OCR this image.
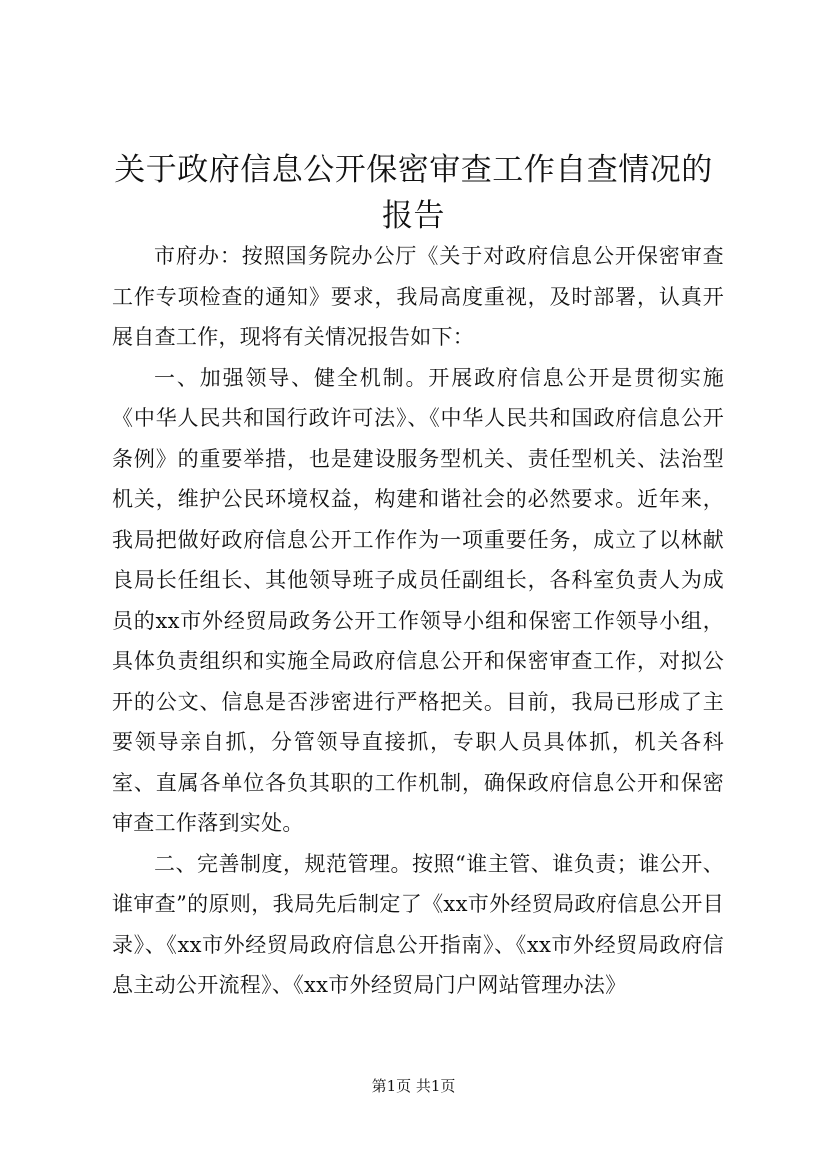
关于政府信息公开保密审查工作自查情况的报告

市府办：按照国务院办公厅《关于对政府信息公开保密审查工作专项检查的通知》要求，我局高度重视，及时部署，认真开展自查工作，现将有关情况报告如下：

一、加强领导、健全机制。开展政府信息公开是贯彻实施《中华人民共和国行政许可法》、《中华人民共和国政府信息公开条例》的重要举措，也是建设服务型机关、责任型机关、法治型机关，维护公民环境权益，构建和谐社会的必然要求。近年来，我局把做好政府信息公开工作作为一项重要任务，成立了以林献良局长任组长、其他领导班子成员任副组长，各科室负责人为成员的xx市外经贸局政务公开工作领导小组和保密工作领导小组，具体负责组织和实施全局政府信息公开和保密审查工作，对拟公开的公文、信息是否涉密进行严格把关。目前，我局已形成了主要领导亲自抓，分管领导直接抓，专职人员具体抓，机关各科室、直属各单位各负其职的工作机制，确保政府信息公开和保密审查工作落到实处。

二、完善制度，规范管理。按照“谁主管、谁负责；谁公开、谁审查”的原则，我局先后制定了《xx市外经贸局政府信息公开目录》、《xx市外经贸局政府信息公开指南》、《xx市外经贸局政府信息主动公开流程》、《xx市外经贸局门户网站管理办法》

第1页 共1页
